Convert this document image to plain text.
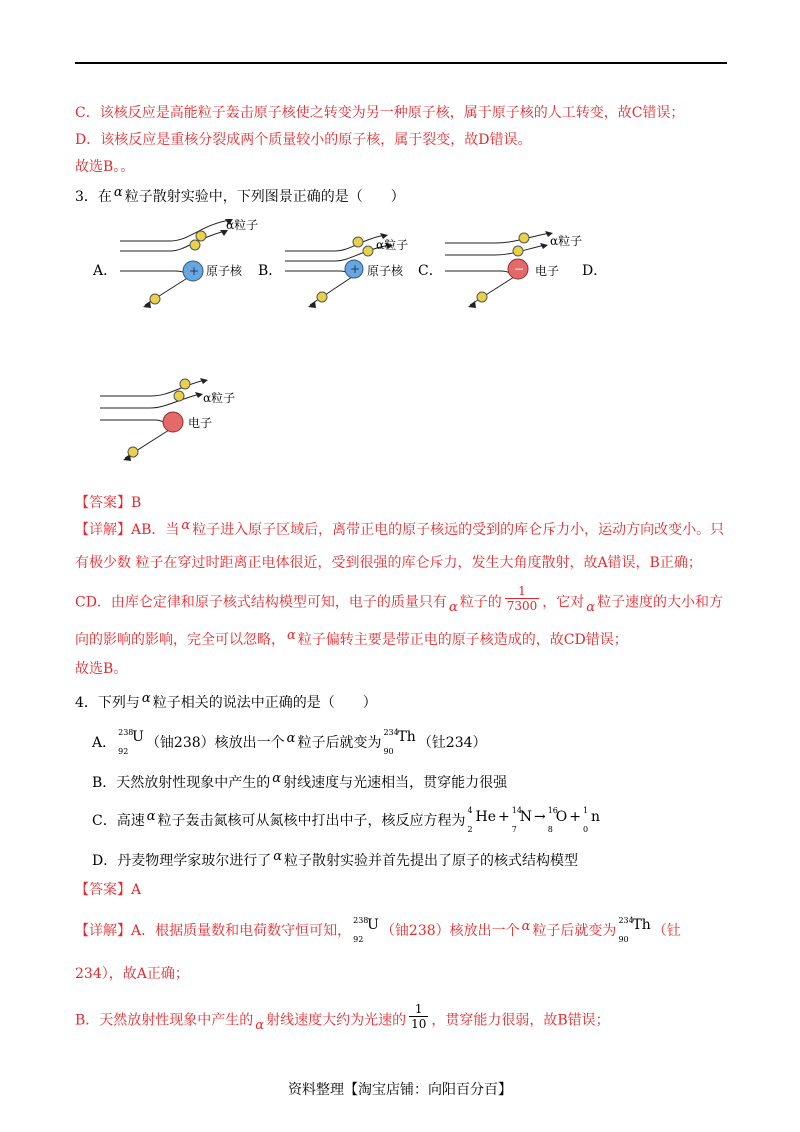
C．该核反应是高能粒子轰击原子核使之转变为另一种原子核，属于原子核的人工转变，故C错误；
D．该核反应是重核分裂成两个质量较小的原子核，属于裂变，故D错误。
故选B。。
3．在 α 粒子散射实验中，下列图景正确的是（　　）
A．	B．	C．	D．
+
α粒子
原子核	+
α粒子
原子核	−
α粒子
电子
α粒子
电子
【答案】B
【详解】AB．当 α 粒子进入原子区域后，离带正电的原子核远的受到的库仑斥力小，运动方向改变小。只
有极少数 粒子在穿过时距离正电体很近，受到很强的库仑斥力，发生大角度散射，故A错误，B正确；
CD．由库仑定律和原子核式结构模型可知，电子的质量只有 α 粒子的 $\frac{1}{7300}$ ，它对 α 粒子速度的大小和方
向的影响的影响，完全可以忽略， α 粒子偏转主要是带正电的原子核造成的，故CD错误；
故选B。
4．下列与 α 粒子相关的说法中正确的是（　　）
A．
238
92
U （铀238）核放出一个 α 粒子后就变为
234
90
Th （钍234）
B．天然放射性现象中产生的 α 射线速度与光速相当，贯穿能力很强
C．高速 α 粒子轰击氮核可从氮核中打出中子，核反应方程为
4
2
He + 14
7
N → 16
8
O + 1
0
n
D．丹麦物理学家玻尔进行了 α 粒子散射实验并首先提出了原子的核式结构模型
【答案】A
【详解】A．根据质量数和电荷数守恒可知，
238
92
U （铀238）核放出一个 α 粒子后就变为
234
90
Th （钍
234），故A正确；
B．天然放射性现象中产生的 α 射线速度大约为光速的 $\frac{1}{10}$ ，贯穿能力很弱，故B错误；
资料整理【淘宝店铺：向阳百分百】
